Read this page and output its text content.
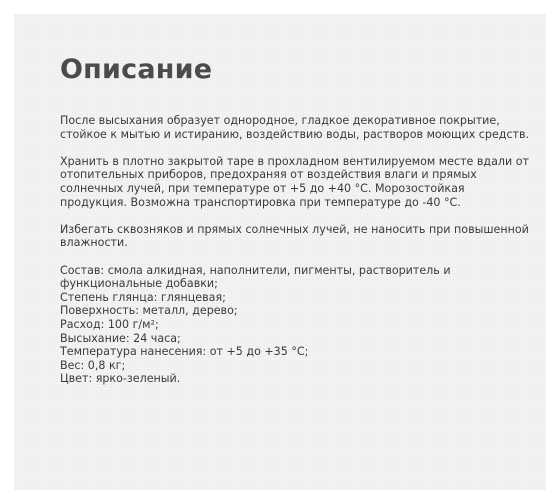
Описание

После высыхания образует однородное, гладкое декоративное покрытие, стойкое к мытью и истиранию, воздействию воды, растворов моющих средств.

Хранить в плотно закрытой таре в прохладном вентилируемом месте вдали от отопительных приборов, предохраняя от воздействия влаги и прямых солнечных лучей, при температуре от +5 до +40 °C. Морозостойкая продукция. Возможна транспортировка при температуре до -40 °C.

Избегать сквозняков и прямых солнечных лучей, не наносить при повышенной влажности.

Состав: смола алкидная, наполнители, пигменты, растворитель и функциональные добавки;
Степень глянца: глянцевая;
Поверхность: металл, дерево;
Расход: 100 г/м²;
Высыхание: 24 часа;
Температура нанесения: от +5 до +35 °C;
Вес: 0,8 кг;
Цвет: ярко-зеленый.
